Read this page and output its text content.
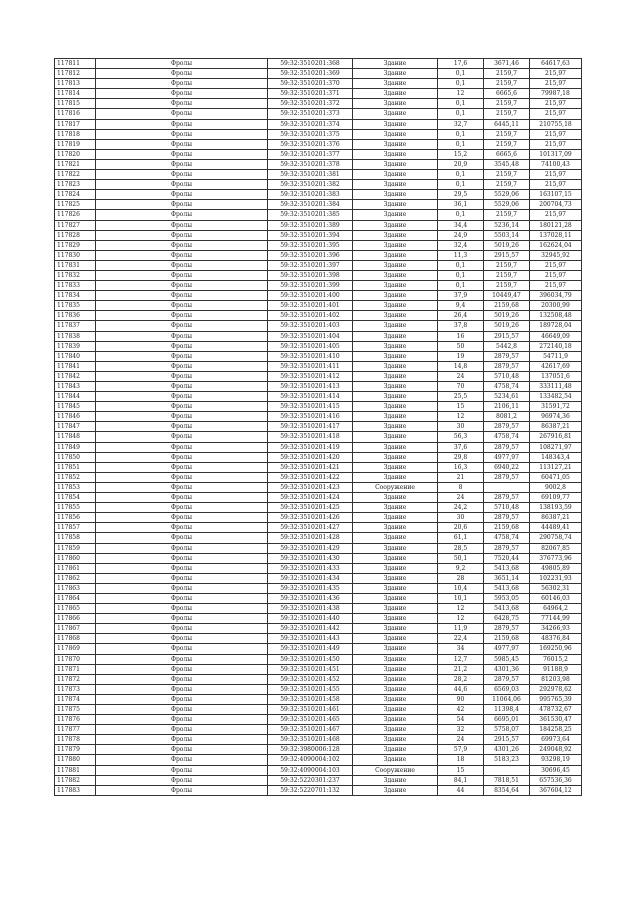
117811	Фролы	59:32:3510201:368	Здание	17,6	3671,46	64617,63
117812	Фролы	59:32:3510201:369	Здание	0,1	2159,7	215,97
117813	Фролы	59:32:3510201:370	Здание	0,1	2159,7	215,97
117814	Фролы	59:32:3510201:371	Здание	12	6665,6	79987,18
117815	Фролы	59:32:3510201:372	Здание	0,1	2159,7	215,97
117816	Фролы	59:32:3510201:373	Здание	0,1	2159,7	215,97
117817	Фролы	59:32:3510201:374	Здание	32,7	6445,11	210755,18
117818	Фролы	59:32:3510201:375	Здание	0,1	2159,7	215,97
117819	Фролы	59:32:3510201:376	Здание	0,1	2159,7	215,97
117820	Фролы	59:32:3510201:377	Здание	15,2	6665,6	101317,09
117821	Фролы	59:32:3510201:378	Здание	20,9	3545,48	74100,43
117822	Фролы	59:32:3510201:381	Здание	0,1	2159,7	215,97
117823	Фролы	59:32:3510201:382	Здание	0,1	2159,7	215,97
117824	Фролы	59:32:3510201:383	Здание	29,5	5529,06	163107,15
117825	Фролы	59:32:3510201:384	Здание	36,1	5529,06	200704,73
117826	Фролы	59:32:3510201:385	Здание	0,1	2159,7	215,97
117827	Фролы	59:32:3510201:389	Здание	34,4	5236,14	180121,28
117828	Фролы	59:32:3510201:394	Здание	24,9	5503,14	137028,11
117829	Фролы	59:32:3510201:395	Здание	32,4	5019,26	162624,04
117830	Фролы	59:32:3510201:396	Здание	11,3	2915,57	32945,92
117831	Фролы	59:32:3510201:397	Здание	0,1	2159,7	215,97
117832	Фролы	59:32:3510201:398	Здание	0,1	2159,7	215,97
117833	Фролы	59:32:3510201:399	Здание	0,1	2159,7	215,97
117834	Фролы	59:32:3510201:400	Здание	37,9	10449,47	396034,79
117835	Фролы	59:32:3510201:401	Здание	9,4	2159,68	20300,99
117836	Фролы	59:32:3510201:402	Здание	26,4	5019,26	132508,48
117837	Фролы	59:32:3510201:403	Здание	37,8	5019,26	189728,04
117838	Фролы	59:32:3510201:404	Здание	16	2915,57	46649,09
117839	Фролы	59:32:3510201:405	Здание	50	5442,8	272140,18
117840	Фролы	59:32:3510201:410	Здание	19	2879,57	54711,9
117841	Фролы	59:32:3510201:411	Здание	14,8	2879,57	42617,69
117842	Фролы	59:32:3510201:412	Здание	24	5710,48	137051,6
117843	Фролы	59:32:3510201:413	Здание	70	4758,74	333111,48
117844	Фролы	59:32:3510201:414	Здание	25,5	5234,61	133482,54
117845	Фролы	59:32:3510201:415	Здание	15	2106,11	31591,72
117846	Фролы	59:32:3510201:416	Здание	12	8081,2	96974,36
117847	Фролы	59:32:3510201:417	Здание	30	2879,57	86387,21
117848	Фролы	59:32:3510201:418	Здание	56,3	4758,74	267916,81
117849	Фролы	59:32:3510201:419	Здание	37,6	2879,57	108271,97
117850	Фролы	59:32:3510201:420	Здание	29,8	4977,97	148343,4
117851	Фролы	59:32:3510201:421	Здание	16,3	6940,22	113127,21
117852	Фролы	59:32:3510201:422	Здание	21	2879,57	60471,05
117853	Фролы	59:32:3510201:423	Сооружение	8		9002,8
117854	Фролы	59:32:3510201:424	Здание	24	2879,57	69109,77
117855	Фролы	59:32:3510201:425	Здание	24,2	5710,48	138193,59
117856	Фролы	59:32:3510201:426	Здание	30	2879,57	86387,21
117857	Фролы	59:32:3510201:427	Здание	20,6	2159,68	44489,41
117858	Фролы	59:32:3510201:428	Здание	61,1	4758,74	290758,74
117859	Фролы	59:32:3510201:429	Здание	28,5	2879,57	82067,85
117860	Фролы	59:32:3510201:430	Здание	50,1	7520,44	376773,96
117861	Фролы	59:32:3510201:433	Здание	9,2	5413,68	49805,89
117862	Фролы	59:32:3510201:434	Здание	28	3651,14	102231,93
117863	Фролы	59:32:3510201:435	Здание	10,4	5413,68	56302,31
117864	Фролы	59:32:3510201:436	Здание	10,1	5953,05	60146,03
117865	Фролы	59:32:3510201:438	Здание	12	5413,68	64964,2
117866	Фролы	59:32:3510201:440	Здание	12	6428,75	77144,99
117867	Фролы	59:32:3510201:442	Здание	11,9	2879,57	34266,93
117868	Фролы	59:32:3510201:443	Здание	22,4	2159,68	48376,84
117869	Фролы	59:32:3510201:449	Здание	34	4977,97	169250,96
117870	Фролы	59:32:3510201:450	Здание	12,7	5985,45	76015,2
117871	Фролы	59:32:3510201:451	Здание	21,2	4301,36	91188,9
117872	Фролы	59:32:3510201:452	Здание	28,2	2879,57	81203,98
117873	Фролы	59:32:3510201:455	Здание	44,6	6569,03	292978,62
117874	Фролы	59:32:3510201:458	Здание	90	11064,06	995765,39
117875	Фролы	59:32:3510201:461	Здание	42	11398,4	478732,67
117876	Фролы	59:32:3510201:465	Здание	54	6695,01	361530,47
117877	Фролы	59:32:3510201:467	Здание	32	5758,07	184258,25
117878	Фролы	59:32:3510201:468	Здание	24	2915,57	69973,64
117879	Фролы	59:32:3980006:128	Здание	57,9	4301,26	249048,92
117880	Фролы	59:32:4090004:102	Здание	18	5183,23	93298,19
117881	Фролы	59:32:4090004:103	Сооружение	15		30696,45
117882	Фролы	59:32:5220301:237	Здание	84,1	7818,51	657536,36
117883	Фролы	59:32:5220701:132	Здание	44	8354,64	367604,12
